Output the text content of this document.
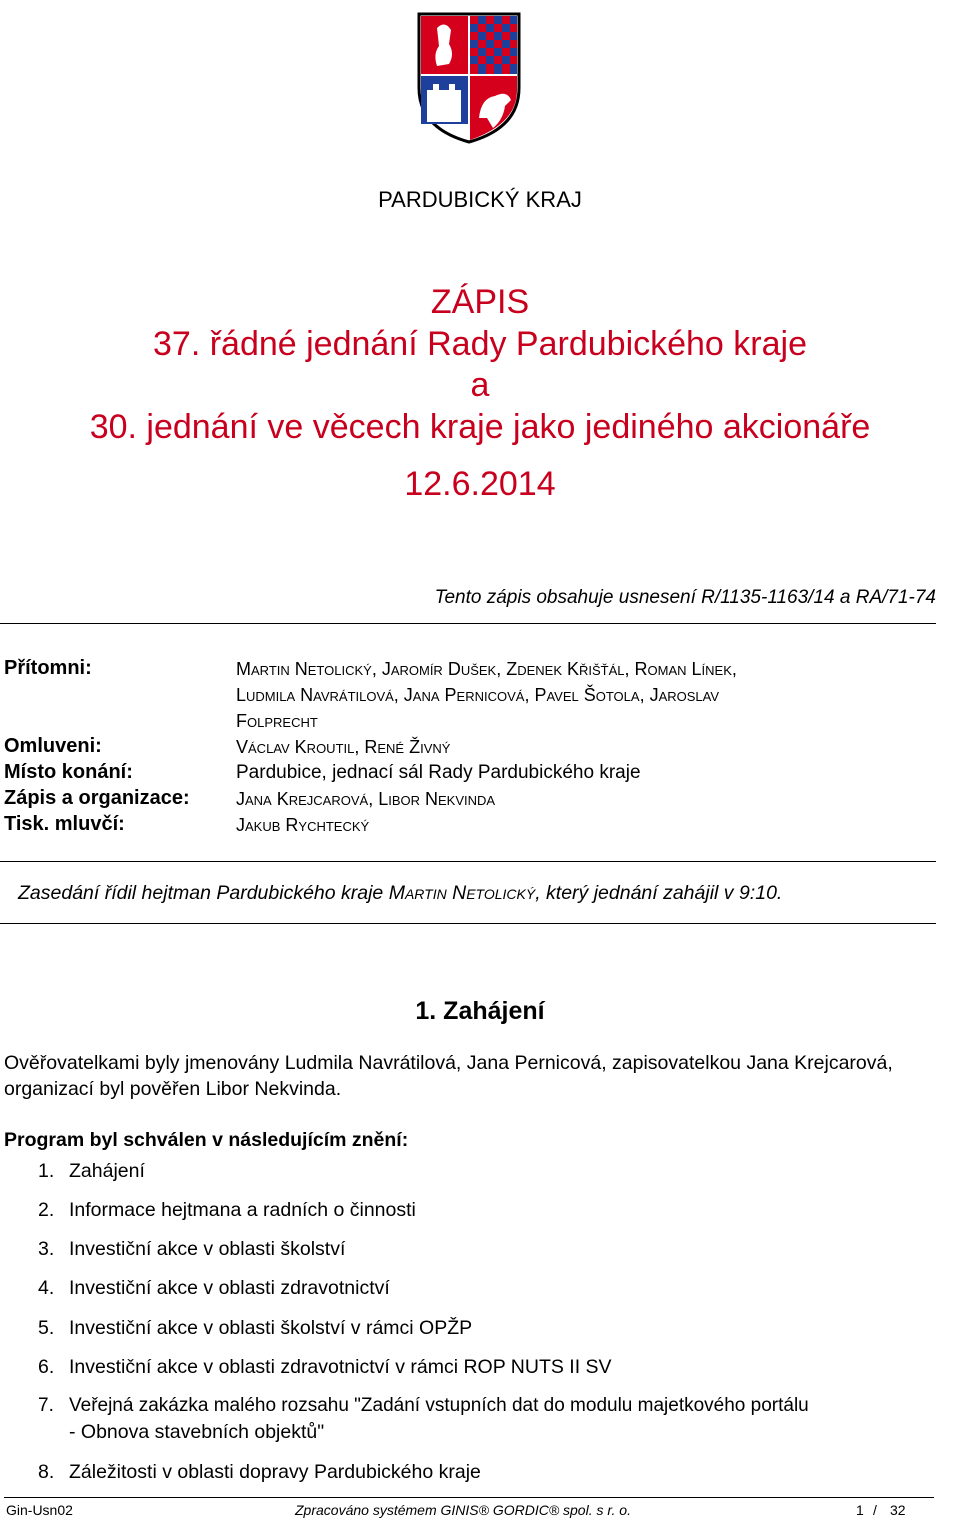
PARDUBICKÝ KRAJ
ZÁPIS
37. řádné jednání Rady Pardubického kraje
a
30. jednání ve věcech kraje jako jediného akcionáře
12.6.2014
Tento zápis obsahuje usnesení R/1135-1163/14 a RA/71-74
Přítomni:	Martin Netolický, Jaromír Dušek, Zdenek Křišťál, Roman Línek,
Ludmila Navrátilová, Jana Pernicová, Pavel Šotola, Jaroslav
Folprecht
Omluveni:	Václav Kroutil, René Živný
Místo konání:	Pardubice, jednací sál Rady Pardubického kraje
Zápis a organizace:	Jana Krejcarová, Libor Nekvinda
Tisk. mluvčí:	Jakub Rychtecký
Zasedání řídil hejtman Pardubického kraje Martin Netolický, který jednání zahájil v 9:10.
1. Zahájení
Ověřovatelkami byly jmenovány Ludmila Navrátilová, Jana Pernicová, zapisovatelkou Jana Krejcarová, organizací byl pověřen Libor Nekvinda.
Program byl schválen v následujícím znění:
1. Zahájení
2. Informace hejtmana a radních o činnosti
3. Investiční akce v oblasti školství
4. Investiční akce v oblasti zdravotnictví
5. Investiční akce v oblasti školství v rámci OPŽP
6. Investiční akce v oblasti zdravotnictví v rámci ROP NUTS II SV
7. Veřejná zakázka malého rozsahu "Zadání vstupních dat do modulu majetkového portálu
- Obnova stavebních objektů"
8. Záležitosti v oblasti dopravy Pardubického kraje
Gin-Usn02	Zpracováno systémem GINIS® GORDIC® spol. s r. o.	1 / 32
